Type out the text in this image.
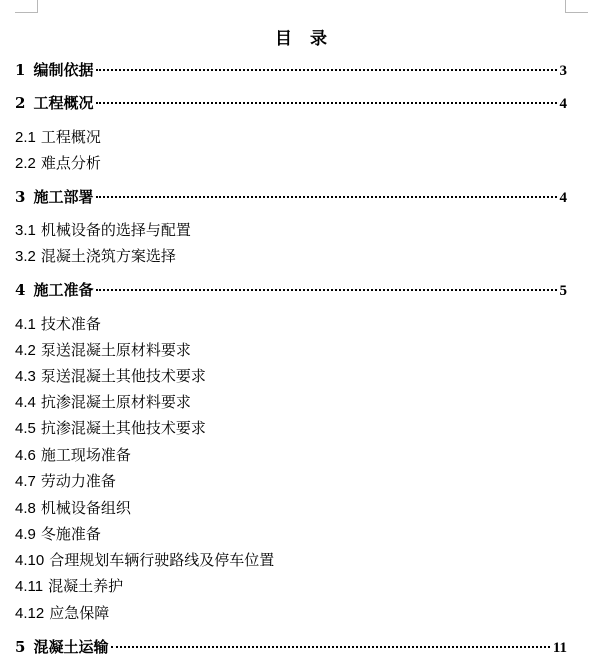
目 录
1 编制依据	3
2 工程概况	4
2.1 工程概况
2.2 难点分析
3 施工部署	4
3.1 机械设备的选择与配置
3.2 混凝土浇筑方案选择
4 施工准备	5
4.1 技术准备
4.2 泵送混凝土原材料要求
4.3 泵送混凝土其他技术要求
4.4 抗渗混凝土原材料要求
4.5 抗渗混凝土其他技术要求
4.6 施工现场准备
4.7 劳动力准备
4.8 机械设备组织
4.9 冬施准备
4.10 合理规划车辆行驶路线及停车位置
4.11 混凝土养护
4.12 应急保障
5 混凝土运输	11
